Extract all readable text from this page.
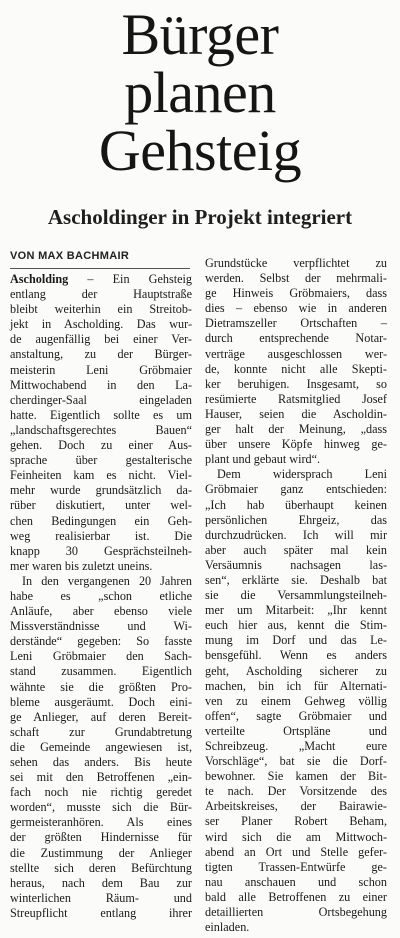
Bürger
planen
Gehsteig
Ascholdinger in Projekt integriert
VON MAX BACHMAIR
Ascholding – Ein Gehsteig
entlang der Hauptstraße
bleibt weiterhin ein Streitob-
jekt in Ascholding. Das wur-
de augenfällig bei einer Ver-
anstaltung, zu der Bürger-
meisterin Leni Gröbmaier
Mittwochabend in den La-
cherdinger-Saal eingeladen
hatte. Eigentlich sollte es um
„landschaftsgerechtes Bauen“
gehen. Doch zu einer Aus-
sprache über gestalterische
Feinheiten kam es nicht. Viel-
mehr wurde grundsätzlich da-
rüber diskutiert, unter wel-
chen Bedingungen ein Geh-
weg realisierbar ist. Die
knapp 30 Gesprächsteilneh-
mer waren bis zuletzt uneins.
In den vergangenen 20 Jahren
habe es „schon etliche
Anläufe, aber ebenso viele
Missverständnisse und Wi-
derstände“ gegeben: So fasste
Leni Gröbmaier den Sach-
stand zusammen. Eigentlich
wähnte sie die größten Pro-
bleme ausgeräumt. Doch eini-
ge Anlieger, auf deren Bereit-
schaft zur Grundabtretung
die Gemeinde angewiesen ist,
sehen das anders. Bis heute
sei mit den Betroffenen „ein-
fach noch nie richtig geredet
worden“, musste sich die Bür-
germeistеranhören. Als eines
der größten Hindernisse für
die Zustimmung der Anlieger
stellte sich deren Befürchtung
heraus, nach dem Bau zur
winterlichen Räum- und
Streupflicht entlang ihrer
Grundstücke verpflichtet zu
werden. Selbst der mehrmali-
ge Hinweis Gröbmaiers, dass
dies – ebenso wie in anderen
Dietramszeller Ortschaften –
durch entsprechende Notar-
verträge ausgeschlossen wer-
de, konnte nicht alle Skepti-
ker beruhigen. Insgesamt, so
resümierte Ratsmitglied Josef
Hauser, seien die Ascholdin-
ger halt der Meinung, „dass
über unsere Köpfe hinweg ge-
plant und gebaut wird“.
Dem widersprach Leni
Gröbmaier ganz entschieden:
„Ich hab überhaupt keinen
persönlichen Ehrgeiz, das
durchzudrücken. Ich will mir
aber auch später mal kein
Versäumnis nachsagen las-
sen“, erklärte sie. Deshalb bat
sie die Versammlungsteilneh-
mer um Mitarbeit: „Ihr kennt
euch hier aus, kennt die Stim-
mung im Dorf und das Le-
bensgefühl. Wenn es anders
geht, Ascholding sicherer zu
machen, bin ich für Alternati-
ven zu einem Gehweg völlig
offen“, sagte Gröbmaier und
verteilte Ortspläne und
Schreibzeug. „Macht eure
Vorschläge“, bat sie die Dorf-
bewohner. Sie kamen der Bit-
te nach. Der Vorsitzende des
Arbeitskreises, der Bairawie-
ser Planer Robert Beham,
wird sich die am Mittwoch-
abend an Ort und Stelle gefer-
tigten Trassen-Entwürfe ge-
nau anschauen und schon
bald alle Betroffenen zu einer
detaillierten Ortsbegehung
einladen.
